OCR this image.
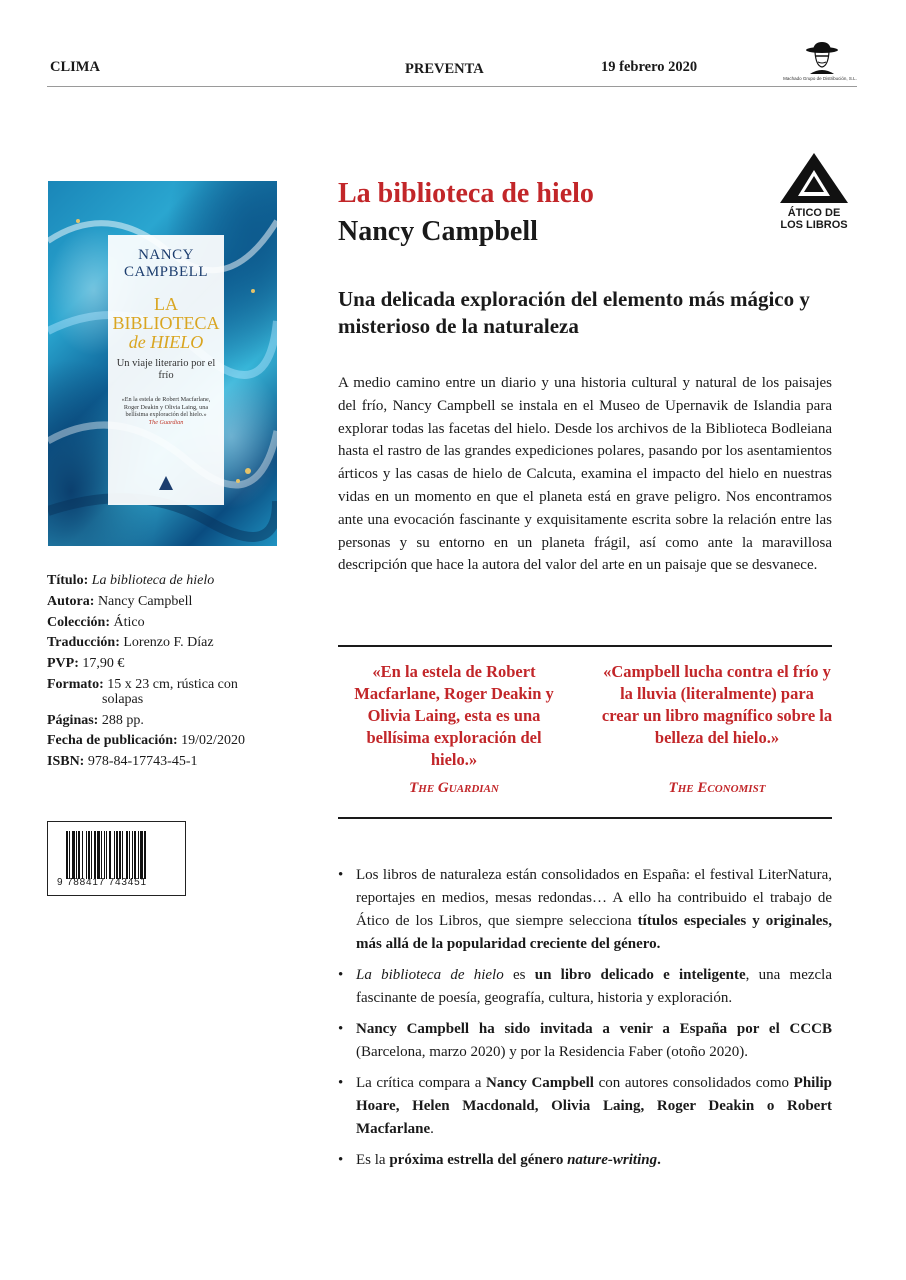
CLIMA	PREVENTA	19 febrero 2020
Machado Grupo de Distribución, S.L.
NANCY CAMPBELL
LA
BIBLIOTECA
de HIELO
Un viaje literario por el frío
«En la estela de Robert Macfarlane, Roger Deakin y Olivia Laing, una bellísima exploración del hielo.»
The Guardian

Título: La biblioteca de hielo

Autora: Nancy Campbell

Colección: Ático

Traducción: Lorenzo F. Díaz

PVP: 17,90 €

Formato: 15 x 23 cm, rústica con

solapas

Páginas: 288 pp.

Fecha de publicación: 19/02/2020

ISBN: 978-84-17743-45-1

9 788417 743451
La biblioteca de hielo
Nancy Campbell
ÁTICO DE
LOS LIBROS
Una delicada exploración del elemento más mágico y misterioso de la naturaleza
A medio camino entre un diario y una historia cultural y natural de los paisajes del frío, Nancy Campbell se instala en el Museo de Upernavik de Islandia para explorar todas las facetas del hielo. Desde los archivos de la Biblioteca Bodleiana hasta el rastro de las grandes expediciones polares, pasando por los asentamientos árticos y las casas de hielo de Calcuta, examina el impacto del hielo en nuestras vidas en un momento en que el planeta está en grave peligro. Nos encontramos ante una evocación fascinante y exquisitamente escrita sobre la relación entre las personas y su entorno en un planeta frágil, así como ante la maravillosa descripción que hace la autora del valor del arte en un paisaje que se desvanece.
«En la estela de Robert Macfarlane, Roger Deakin y Olivia Laing, esta es una bellísima exploración del hielo.»
The Guardian
«Campbell lucha contra el frío y la lluvia (literalmente) para crear un libro magnífico sobre la belleza del hielo.»
The Economist
• Los libros de naturaleza están consolidados en España: el festival LiterNatura, reportajes en medios, mesas redondas… A ello ha contribuido el trabajo de Ático de los Libros, que siempre selecciona títulos especiales y originales, más allá de la popularidad creciente del género.
• La biblioteca de hielo es un libro delicado e inteligente, una mezcla fascinante de poesía, geografía, cultura, historia y exploración.
• Nancy Campbell ha sido invitada a venir a España por el CCCB (Barcelona, marzo 2020) y por la Residencia Faber (otoño 2020).
• La crítica compara a Nancy Campbell con autores consolidados como Philip Hoare, Helen Macdonald, Olivia Laing, Roger Deakin o Robert Macfarlane.
• Es la próxima estrella del género nature-writing.
